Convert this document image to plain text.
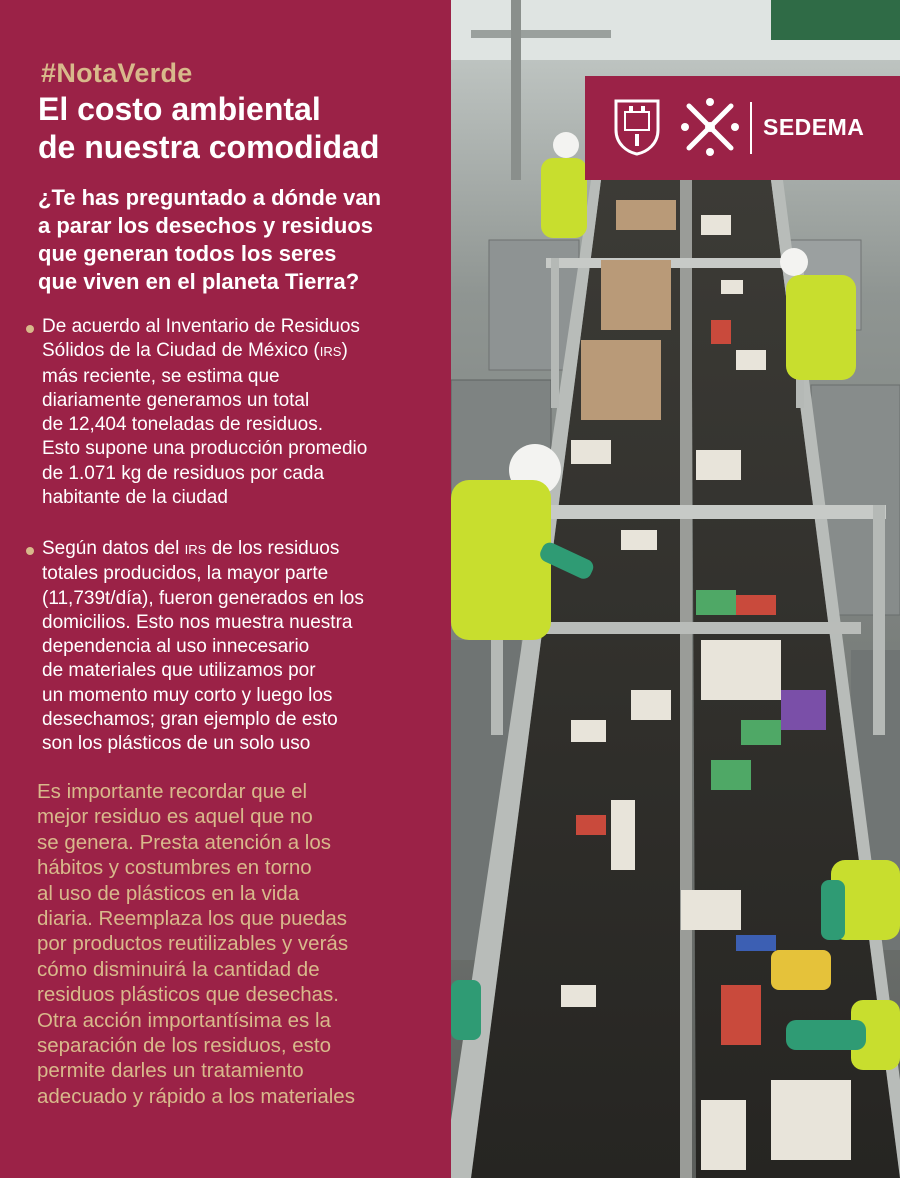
#NotaVerde
El costo ambiental
de nuestra comodidad
¿Te has preguntado a dónde van
a parar los desechos y residuos
que generan todos los seres
que viven en el planeta Tierra?
De acuerdo al Inventario de Residuos
Sólidos de la Ciudad de México (IRS)
más reciente, se estima que
diariamente generamos un total
de 12,404 toneladas de residuos.
Esto supone una producción promedio
de 1.071 kg de residuos por cada
habitante de la ciudad
Según datos del IRS de los residuos
totales producidos, la mayor parte
(11,739t/día), fueron generados en los
domicilios. Esto nos muestra nuestra
dependencia al uso innecesario
de materiales que utilizamos por
un momento muy corto y luego los
desechamos; gran ejemplo de esto
son los plásticos de un solo uso
Es importante recordar que el
mejor residuo es aquel que no
se genera. Presta atención a los
hábitos y costumbres en torno
al uso de plásticos en la vida
diaria. Reemplaza los que puedas
por productos reutilizables y verás
cómo disminuirá la cantidad de
residuos plásticos que desechas.
Otra acción importantísima es la
separación de los residuos, esto
permite darles un tratamiento
adecuado y rápido a los materiales
SEDEMA
